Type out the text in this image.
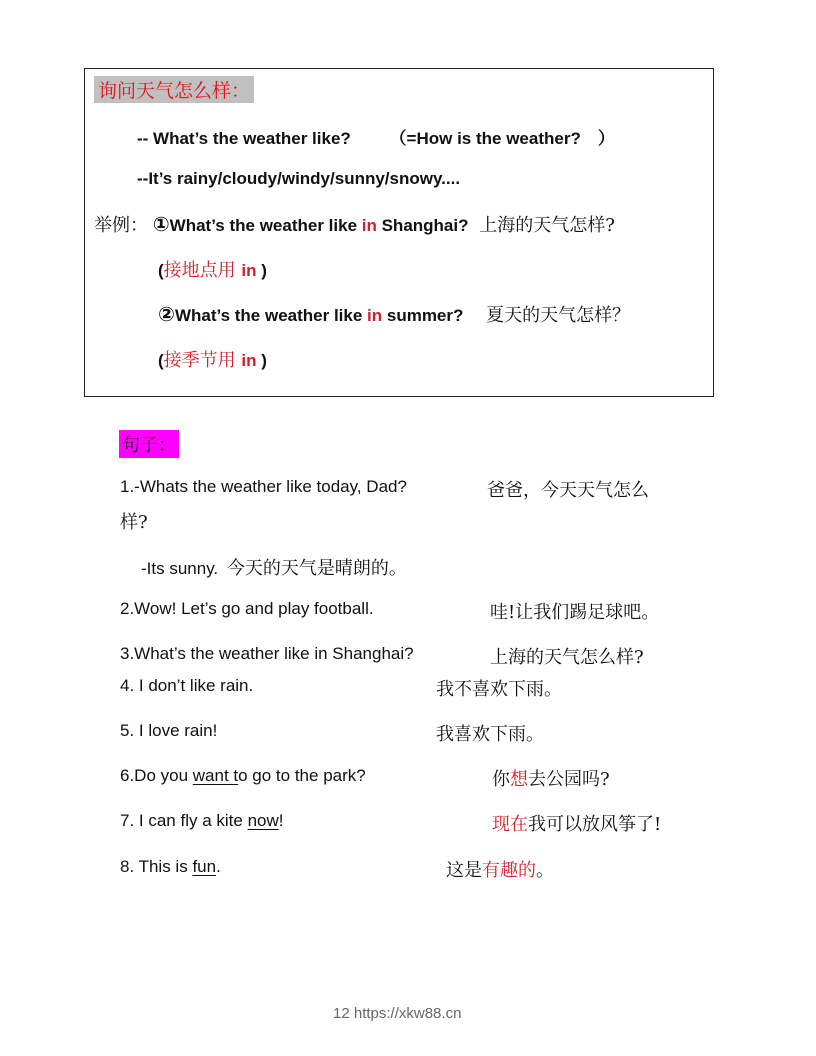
询问天气怎么样：
-- What’s the weather like? （=How is the weather?　）
--It’s rainy/cloudy/windy/sunny/snowy....
举例： ①What’s the weather like in Shanghai? 上海的天气怎样?
(接地点用 in )
②What’s the weather like in summer? 夏天的天气怎样？
(接季节用 in )
句子：
1.-Whats the weather like today, Dad?	爸爸，今天天气怎么
样?
-Its sunny. 今天的天气是晴朗的。
2.Wow! Let’s go and play football.	哇!让我们踢足球吧。
3.What’s the weather like in Shanghai?	上海的天气怎么样?
4. I don’t like rain.	我不喜欢下雨。
5. I love rain!	我喜欢下雨。
6.Do you want to go to the park?	你想去公园吗?
7. I can fly a kite now!	现在我可以放风筝了!
8. This is fun.	这是有趣的。
12 https://xkw88.cn
